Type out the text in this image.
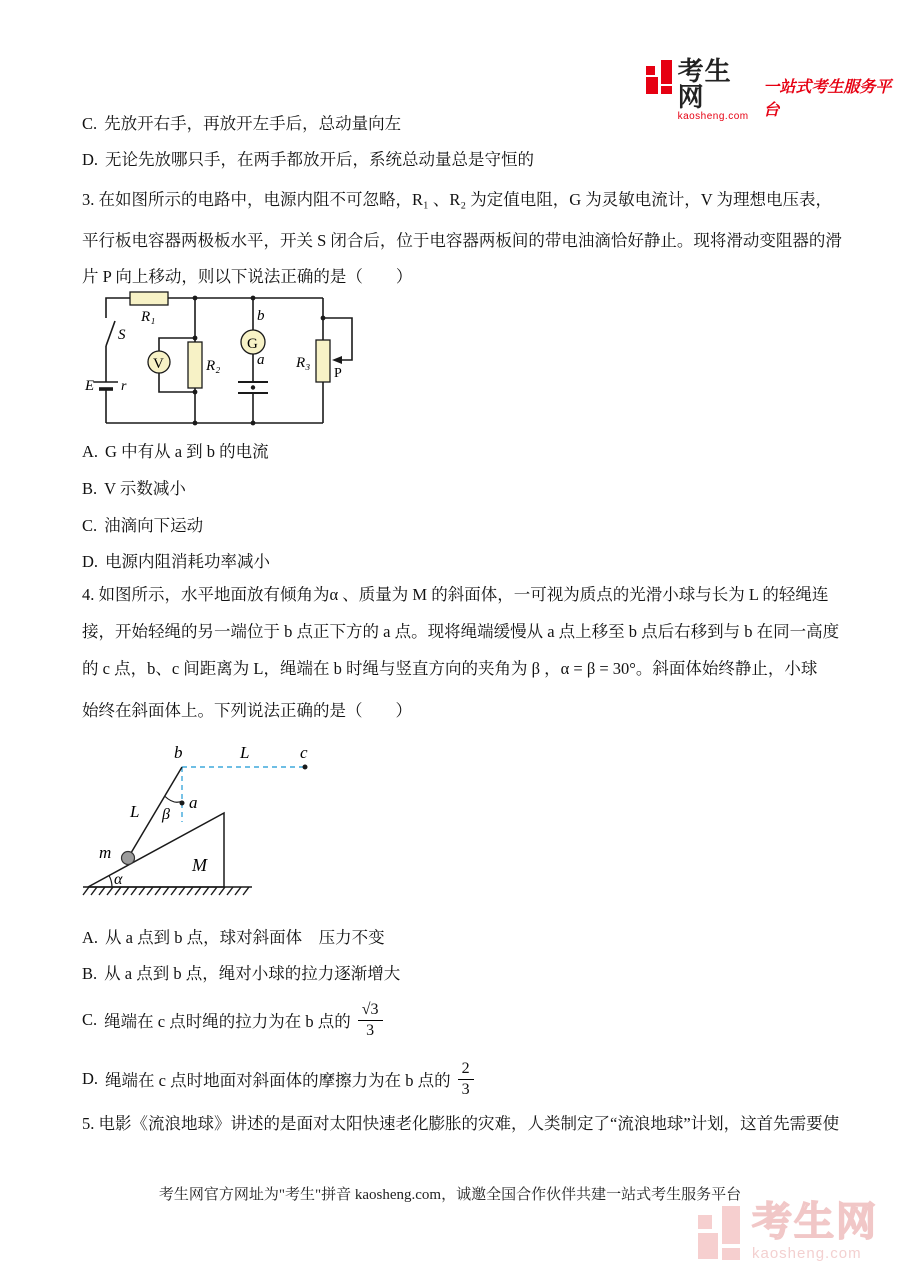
考生网
kaosheng.com
一站式考生服务平台
C. 先放开右手，再放开左手后，总动量向左
D. 无论先放哪只手，在两手都放开后，系统总动量总是守恒的
3. 在如图所示的电路中，电源内阻不可忽略，R₁ 、R₂ 为定值电阻，G 为灵敏电流计，V 为理想电压表，
平行板电容器两极板水平，开关 S 闭合后，位于电容器两板间的带电油滴恰好静止。现将滑动变阻器的滑
片 P 向上移动，则以下说法正确的是（　　）
R₁
R₂	R₃
S
E r
V
G
b
a
P
A. G 中有从 a 到 b 的电流
B. V 示数减小
C. 油滴向下运动
D. 电源内阻消耗功率减小
4. 如图所示，水平地面放有倾角为α 、质量为 M 的斜面体，一可视为质点的光滑小球与长为 L 的轻绳连
接，开始轻绳的另一端位于 b 点正下方的 a 点。现将绳端缓慢从 a 点上移至 b 点后右移到与 b 在同一高度
的 c 点，b、c 间距离为 L，绳端在 b 时绳与竖直方向的夹角为 β ，α = β = 30°。斜面体始终静止，小球
始终在斜面体上。下列说法正确的是（　　）
b	L	c
a
β
L
m
M
α
A. 从 a 点到 b 点，球对斜面体　压力不变
B. 从 a 点到 b 点，绳对小球的拉力逐渐增大
C. 绳端在 c 点时绳的拉力为在 b 点的 $\frac{√3}{3}$
D. 绳端在 c 点时地面对斜面体的摩擦力为在 b 点的 $\frac{2}{3}$
5. 电影《流浪地球》讲述的是面对太阳快速老化膨胀的灾难，人类制定了“流浪地球”计划，这首先需要使
考生网官方网址为"考生"拼音 kaosheng.com，诚邀全国合作伙伴共建一站式考生服务平台
考生网
kaosheng.com
